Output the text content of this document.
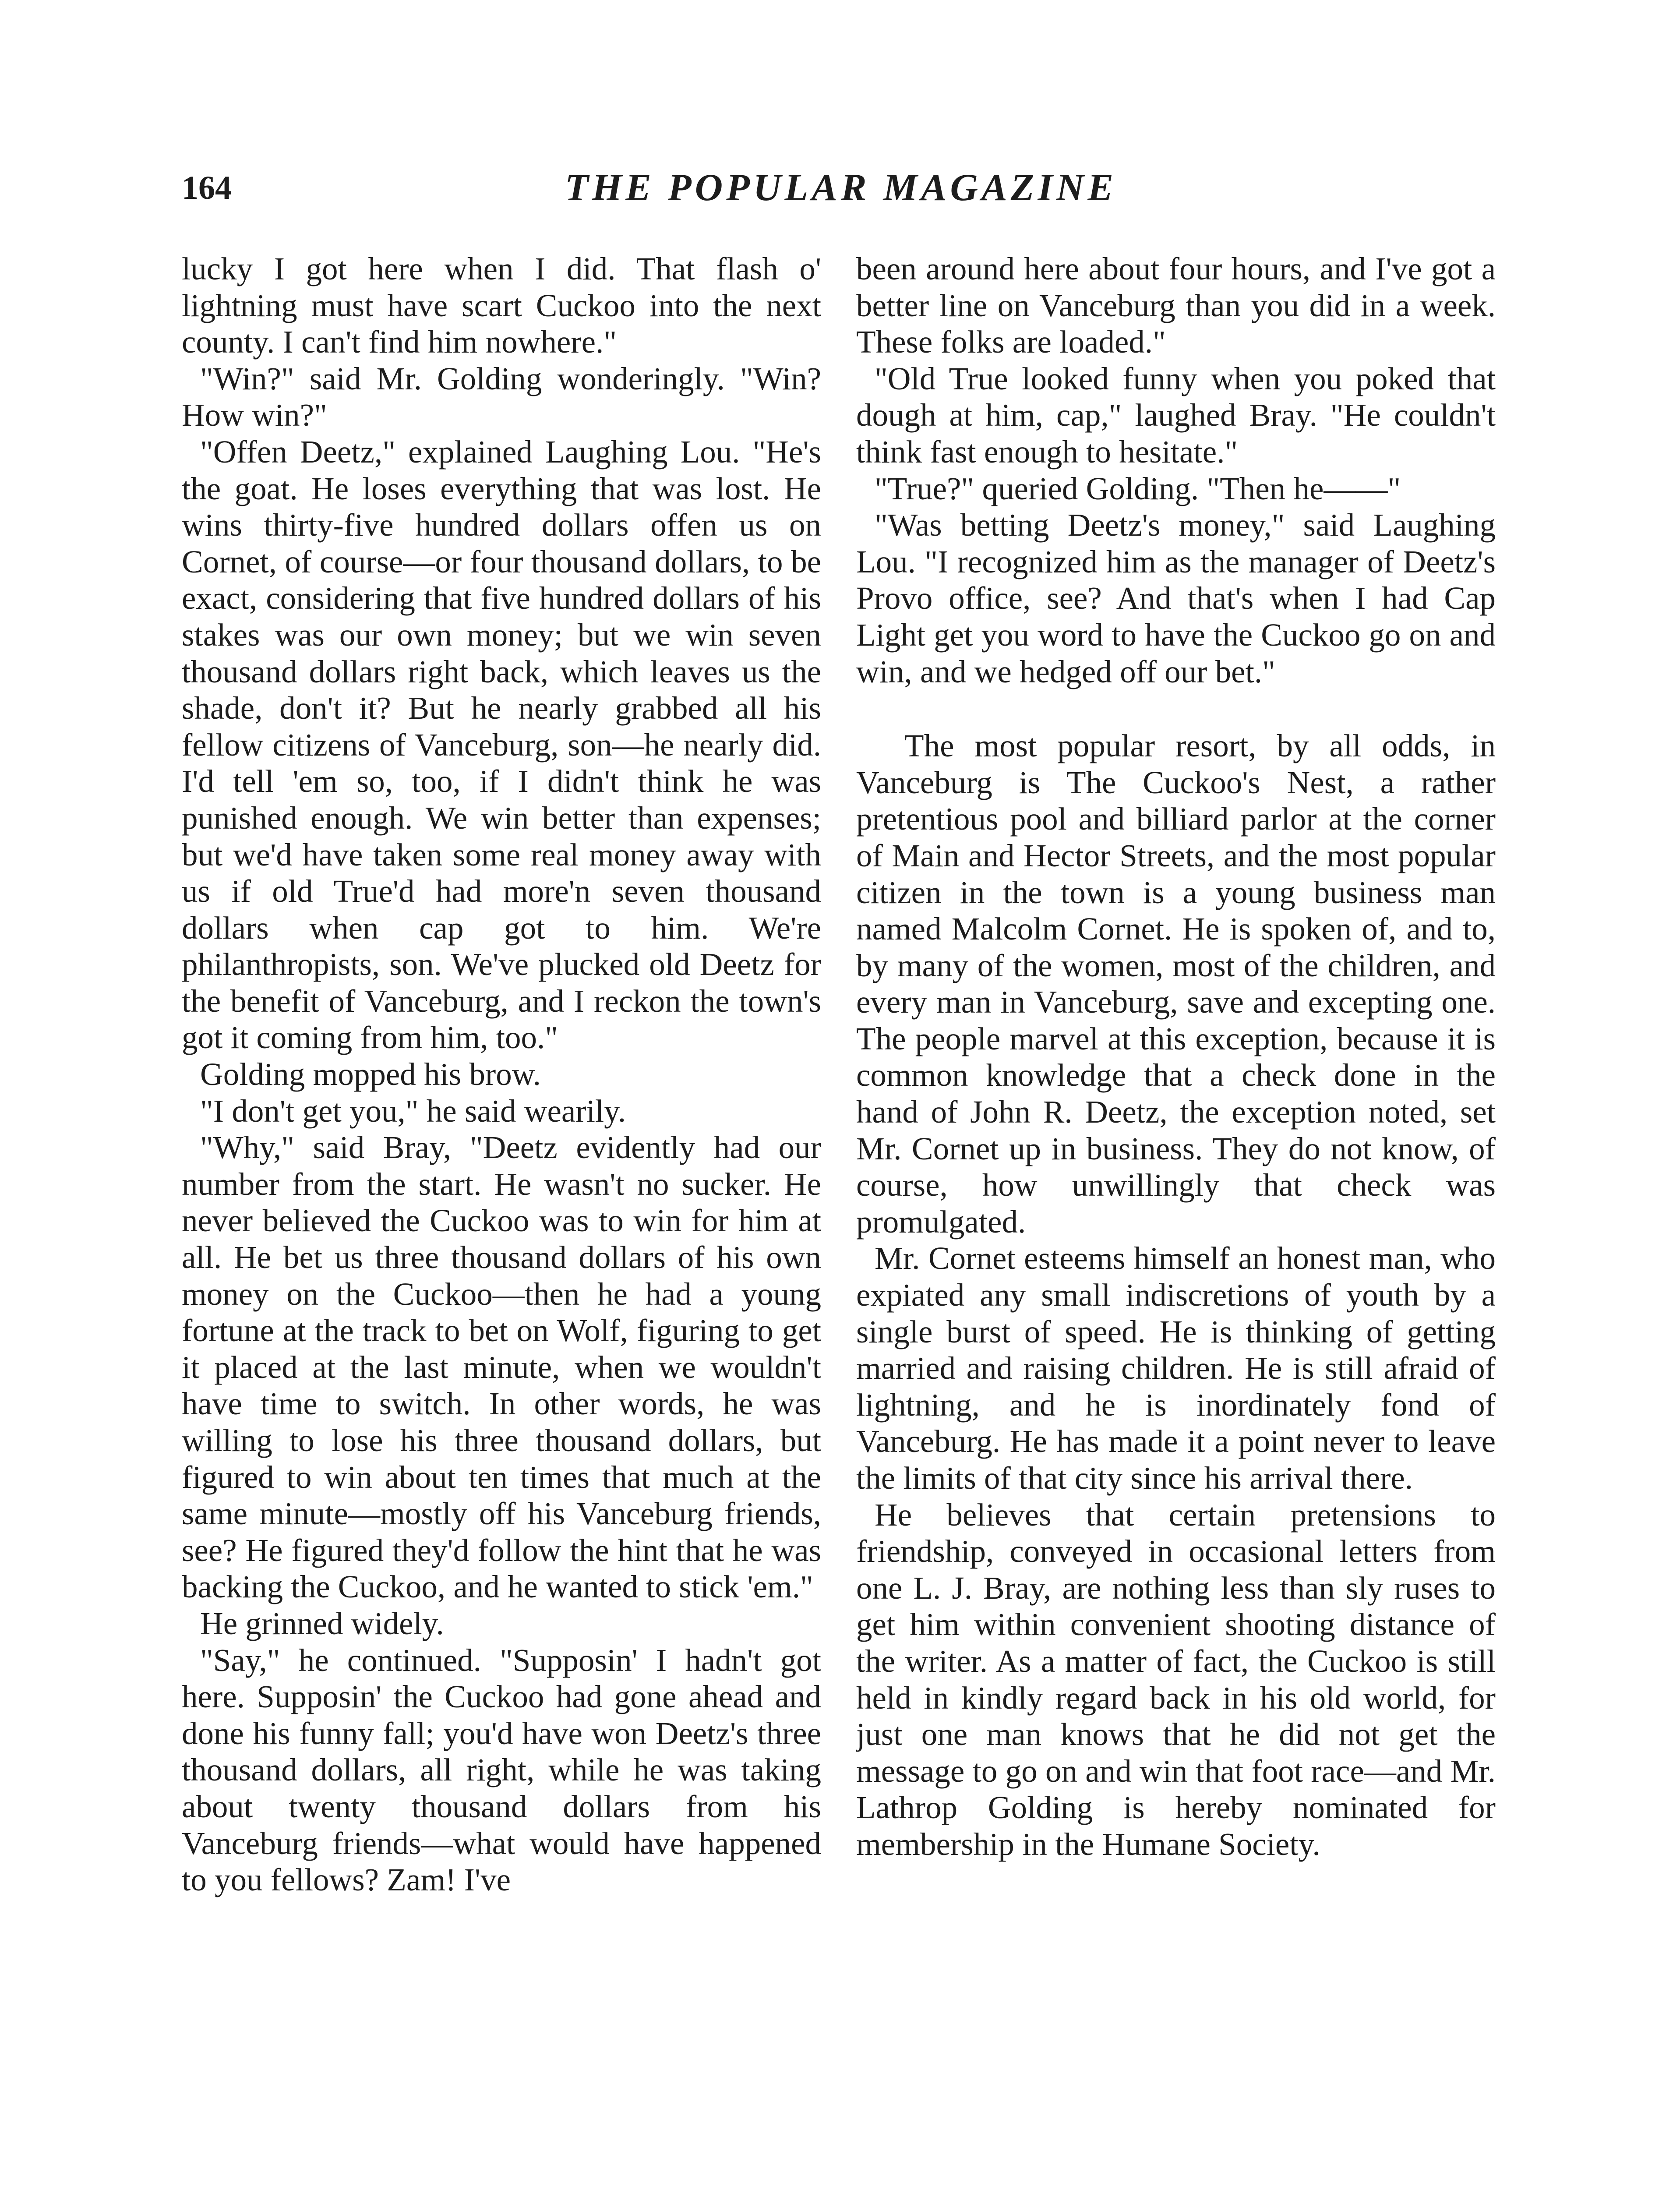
164	THE POPULAR MAGAZINE

lucky I got here when I did. That flash o' lightning must have scart Cuckoo into the next county. I can't find him nowhere."

"Win?" said Mr. Golding wonderingly. "Win? How win?"

"Offen Deetz," explained Laughing Lou. "He's the goat. He loses everything that was lost. He wins thirty-five hundred dollars offen us on Cornet, of course—or four thousand dollars, to be exact, considering that five hundred dollars of his stakes was our own money; but we win seven thousand dollars right back, which leaves us the shade, don't it? But he nearly grabbed all his fellow citizens of Vanceburg, son—he nearly did. I'd tell 'em so, too, if I didn't think he was punished enough. We win better than expenses; but we'd have taken some real money away with us if old True'd had more'n seven thousand dollars when cap got to him. We're philanthropists, son. We've plucked old Deetz for the benefit of Vanceburg, and I reckon the town's got it coming from him, too."

Golding mopped his brow.

"I don't get you," he said wearily.

"Why," said Bray, "Deetz evidently had our number from the start. He wasn't no sucker. He never believed the Cuckoo was to win for him at all. He bet us three thousand dollars of his own money on the Cuckoo—then he had a young fortune at the track to bet on Wolf, figuring to get it placed at the last minute, when we wouldn't have time to switch. In other words, he was willing to lose his three thousand dollars, but figured to win about ten times that much at the same minute—mostly off his Vanceburg friends, see? He figured they'd follow the hint that he was backing the Cuckoo, and he wanted to stick 'em."

He grinned widely.

"Say," he continued. "Supposin' I hadn't got here. Supposin' the Cuckoo had gone ahead and done his funny fall; you'd have won Deetz's three thousand dollars, all right, while he was taking about twenty thousand dollars from his Vanceburg friends—what would have happened to you fellows? Zam! I've

been around here about four hours, and I've got a better line on Vanceburg than you did in a week. These folks are loaded."

"Old True looked funny when you poked that dough at him, cap," laughed Bray. "He couldn't think fast enough to hesitate."

"True?" queried Golding. "Then he——"

"Was betting Deetz's money," said Laughing Lou. "I recognized him as the manager of Deetz's Provo office, see? And that's when I had Cap Light get you word to have the Cuckoo go on and win, and we hedged off our bet."

The most popular resort, by all odds, in Vanceburg is The Cuckoo's Nest, a rather pretentious pool and billiard parlor at the corner of Main and Hector Streets, and the most popular citizen in the town is a young business man named Malcolm Cornet. He is spoken of, and to, by many of the women, most of the children, and every man in Vanceburg, save and excepting one. The people marvel at this exception, because it is common knowledge that a check done in the hand of John R. Deetz, the exception noted, set Mr. Cornet up in business. They do not know, of course, how unwillingly that check was promulgated.

Mr. Cornet esteems himself an honest man, who expiated any small indiscretions of youth by a single burst of speed. He is thinking of getting married and raising children. He is still afraid of lightning, and he is inordinately fond of Vanceburg. He has made it a point never to leave the limits of that city since his arrival there.

He believes that certain pretensions to friendship, conveyed in occasional letters from one L. J. Bray, are nothing less than sly ruses to get him within convenient shooting distance of the writer. As a matter of fact, the Cuckoo is still held in kindly regard back in his old world, for just one man knows that he did not get the message to go on and win that foot race—and Mr. Lathrop Golding is hereby nominated for membership in the Humane Society.
